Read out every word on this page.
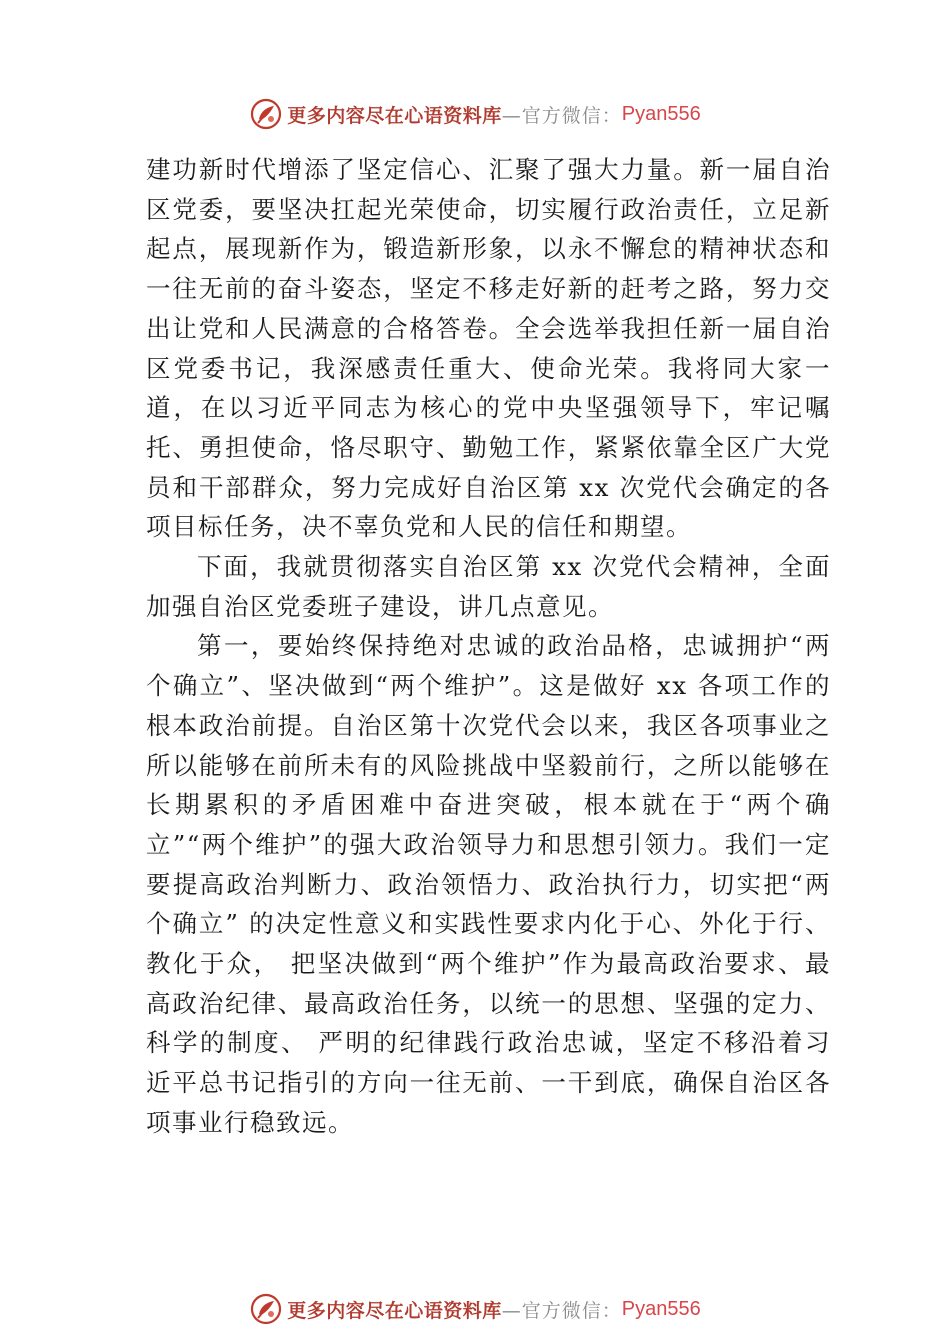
更多内容尽在心语资料库 —官方微信： Pyan556

建功新时代增添了坚定信心、汇聚了强大力量。新一届自治区党委，要坚决扛起光荣使命，切实履行政治责任，立足新起点，展现新作为，锻造新形象，以永不懈怠的精神状态和一往无前的奋斗姿态，坚定不移走好新的赶考之路，努力交出让党和人民满意的合格答卷。全会选举我担任新一届自治区党委书记，我深感责任重大、使命光荣。我将同大家一道，在以习近平同志为核心的党中央坚强领导下，牢记嘱托、勇担使命，恪尽职守、勤勉工作，紧紧依靠全区广大党员和干部群众，努力完成好自治区第 xx 次党代会确定的各项目标任务，决不辜负党和人民的信任和期望。

下面，我就贯彻落实自治区第 xx 次党代会精神，全面加强自治区党委班子建设，讲几点意见。

第一，要始终保持绝对忠诚的政治品格，忠诚拥护“两个确立”、坚决做到“两个维护”。这是做好 xx 各项工作的根本政治前提。自治区第十次党代会以来，我区各项事业之所以能够在前所未有的风险挑战中坚毅前行，之所以能够在长期累积的矛盾困难中奋进突破，根本就在于“两个确立”“两个维护”的强大政治领导力和思想引领力。我们一定要提高政治判断力、政治领悟力、政治执行力，切实把“两个确立” 的决定性意义和实践性要求内化于心、外化于行、教化于众， 把坚决做到“两个维护”作为最高政治要求、最高政治纪律、最高政治任务，以统一的思想、坚强的定力、科学的制度、 严明的纪律践行政治忠诚，坚定不移沿着习近平总书记指引的方向一往无前、一干到底，确保自治区各项事业行稳致远。

更多内容尽在心语资料库 —官方微信： Pyan556
